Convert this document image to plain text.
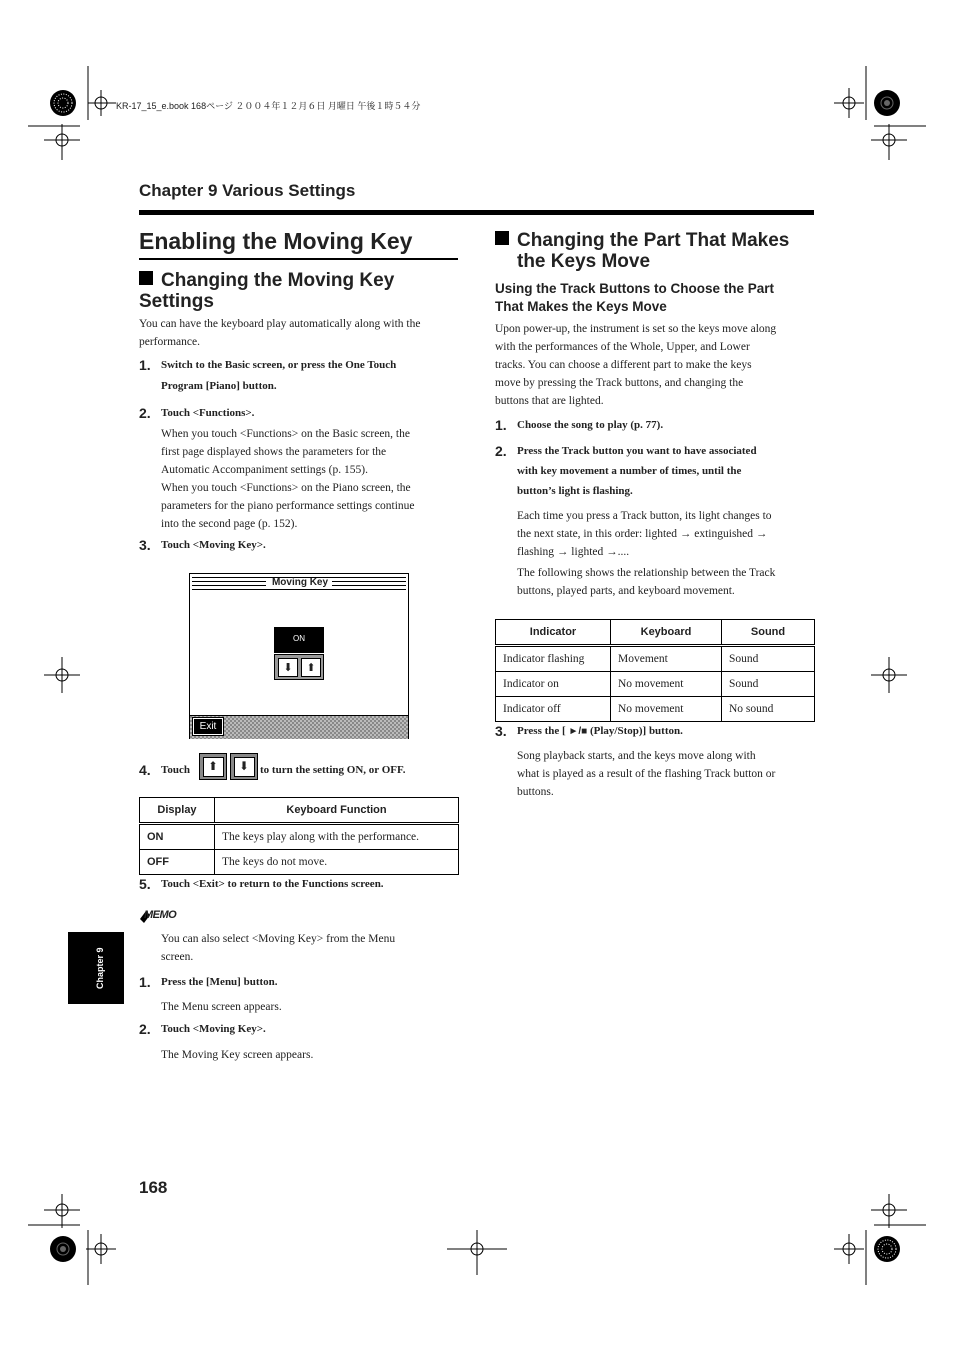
KR-17_15_e.book 168ページ ２００４年１２月６日 月曜日 午後１時５４分
Chapter 9 Various Settings
Chapter 9
Enabling the Moving Key
Changing the Moving Key Settings
You can have the keyboard play automatically along with the performance.
1. Switch to the Basic screen, or press the One Touch
Program [Piano] button.
2. Touch <Functions>.
When you touch <Functions> on the Basic screen, the
first page displayed shows the parameters for the
Automatic Accompaniment settings (p. 155).
When you touch <Functions> on the Piano screen, the
parameters for the piano performance settings continue
into the second page (p. 152).
3. Touch <Moving Key>.
Moving Key
ON
⬇ ⬆
Exit
4. Touch	⬆	⬇ to turn the setting ON, or OFF.
Display	Keyboard Function
ON	The keys play along with the performance.
OFF	The keys do not move.
5. Touch <Exit> to return to the Functions screen.
MEMO
You can also select <Moving Key> from the Menu
screen.
1. Press the [Menu] button.
The Menu screen appears.
2. Touch <Moving Key>.
The Moving Key screen appears.
Changing the Part That Makes
the Keys Move
Using the Track Buttons to Choose the Part
That Makes the Keys Move
Upon power-up, the instrument is set so the keys move along
with the performances of the Whole, Upper, and Lower
tracks. You can choose a different part to make the keys
move by pressing the Track buttons, and changing the
buttons that are lighted.
1. Choose the song to play (p. 77).
2. Press the Track button you want to have associated
with key movement a number of times, until the
button’s light is flashing.
Each time you press a Track button, its light changes to
the next state, in this order: lighted → extinguished →
flashing → lighted →....
The following shows the relationship between the Track
buttons, played parts, and keyboard movement.
Indicator	Keyboard	Sound
Indicator flashing	Movement	Sound
Indicator on	No movement	Sound
Indicator off	No movement	No sound
3. Press the [ ►/■ (Play/Stop)] button.
Song playback starts, and the keys move along with
what is played as a result of the flashing Track button or
buttons.
168
